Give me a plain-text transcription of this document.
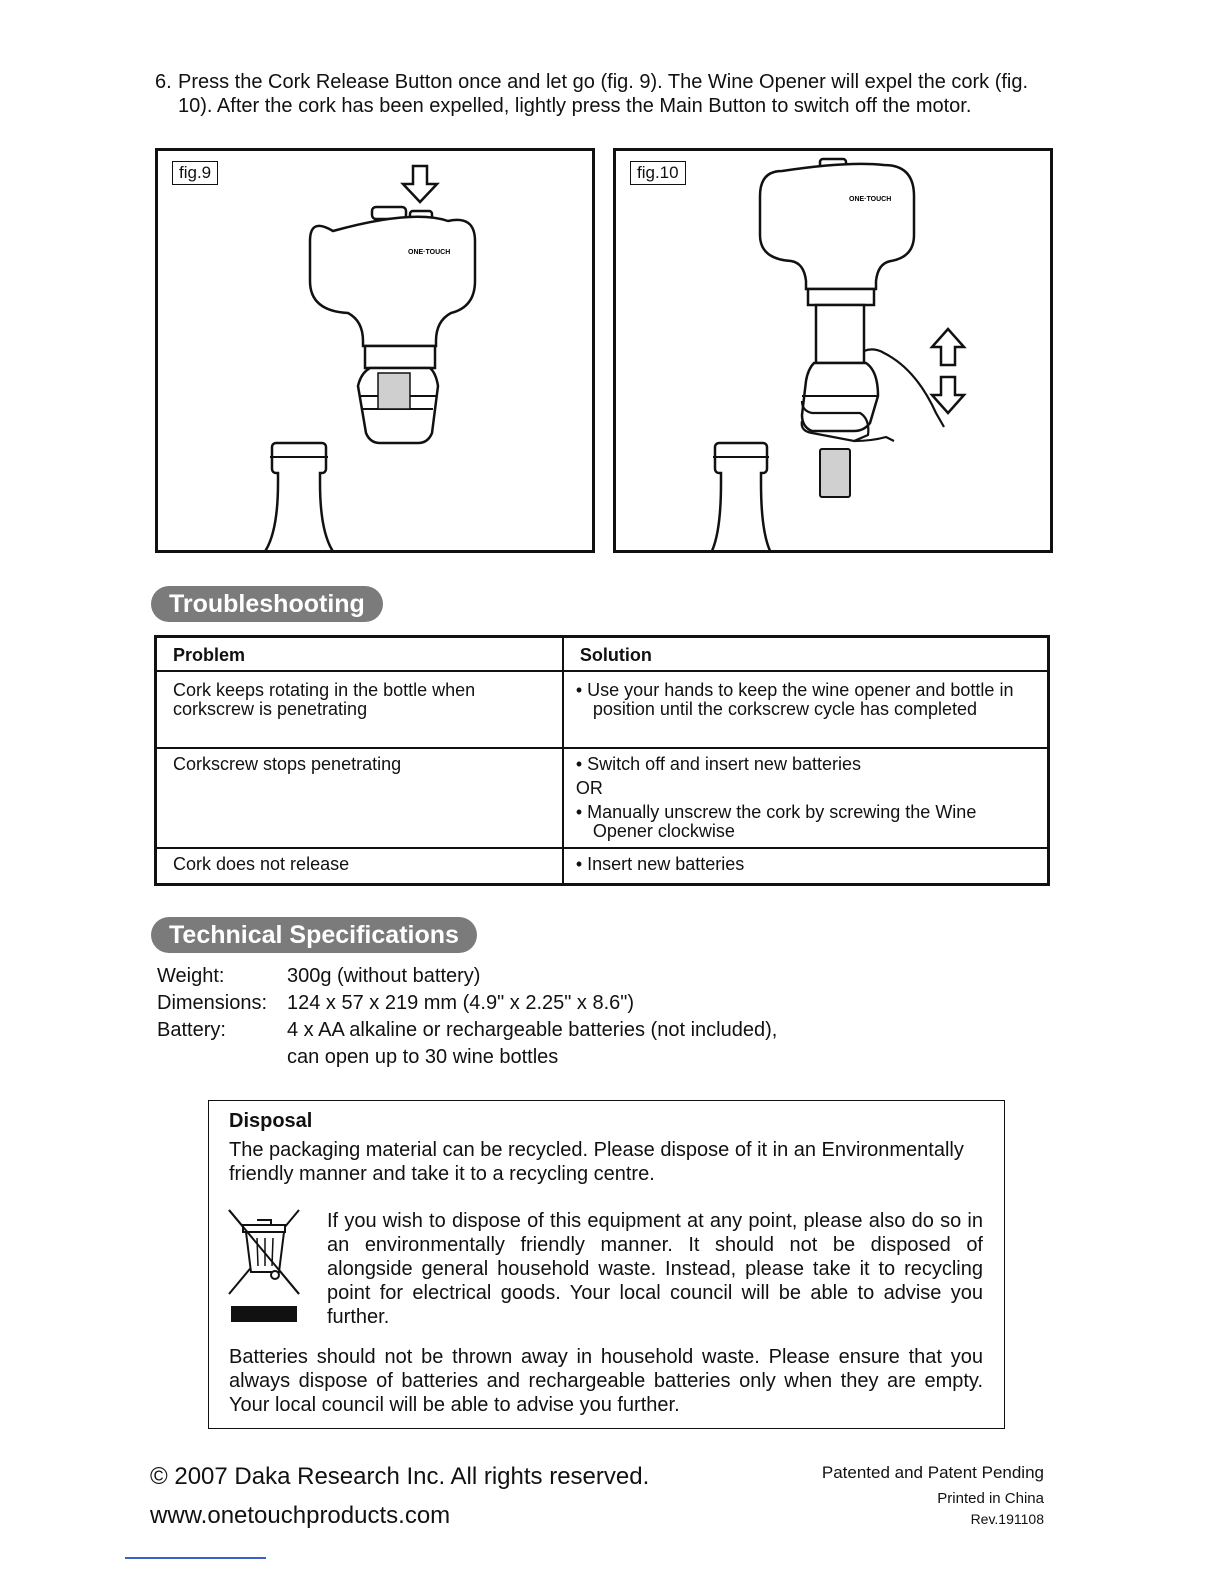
6. Press the Cork Release Button once and let go (fig. 9). The Wine Opener will expel the cork (fig. 10). After the cork has been expelled, lightly press the Main Button to switch off the motor.
ONE·TOUCH
fig.9
ONE·TOUCH
fig.10
Troubleshooting
Problem	Solution
Cork keeps rotating in the bottle when corkscrew is penetrating	• Use your hands to keep the wine opener and bottle in position until the corkscrew cycle has completed

Corkscrew stops penetrating	• Switch off and insert new batteries
OR
• Manually unscrew the cork by screwing the Wine Opener clockwise

Cork does not release	• Insert new batteries
Technical Specifications
Weight:	300g (without battery)
Dimensions: 124 x 57 x 219 mm (4.9" x 2.25" x 8.6")
Battery:	4 x AA alkaline or rechargeable batteries (not included),
can open up to 30 wine bottles
Disposal
The packaging material can be recycled. Please dispose of it in an Environmentally friendly manner and take it to a recycling centre.
If you wish to dispose of this equipment at any point, please also do so in an environmentally friendly manner. It should not be disposed of alongside general household waste. Instead, please take it to recycling point for electrical goods. Your local council will be able to advise you further.
Batteries should not be thrown away in household waste. Please ensure that you always dispose of batteries and rechargeable batteries only when they are empty. Your local council will be able to advise you further.
© 2007 Daka Research Inc. All rights reserved.
www.onetouchproducts.com
Patented and Patent Pending
Printed in China
Rev.191108
